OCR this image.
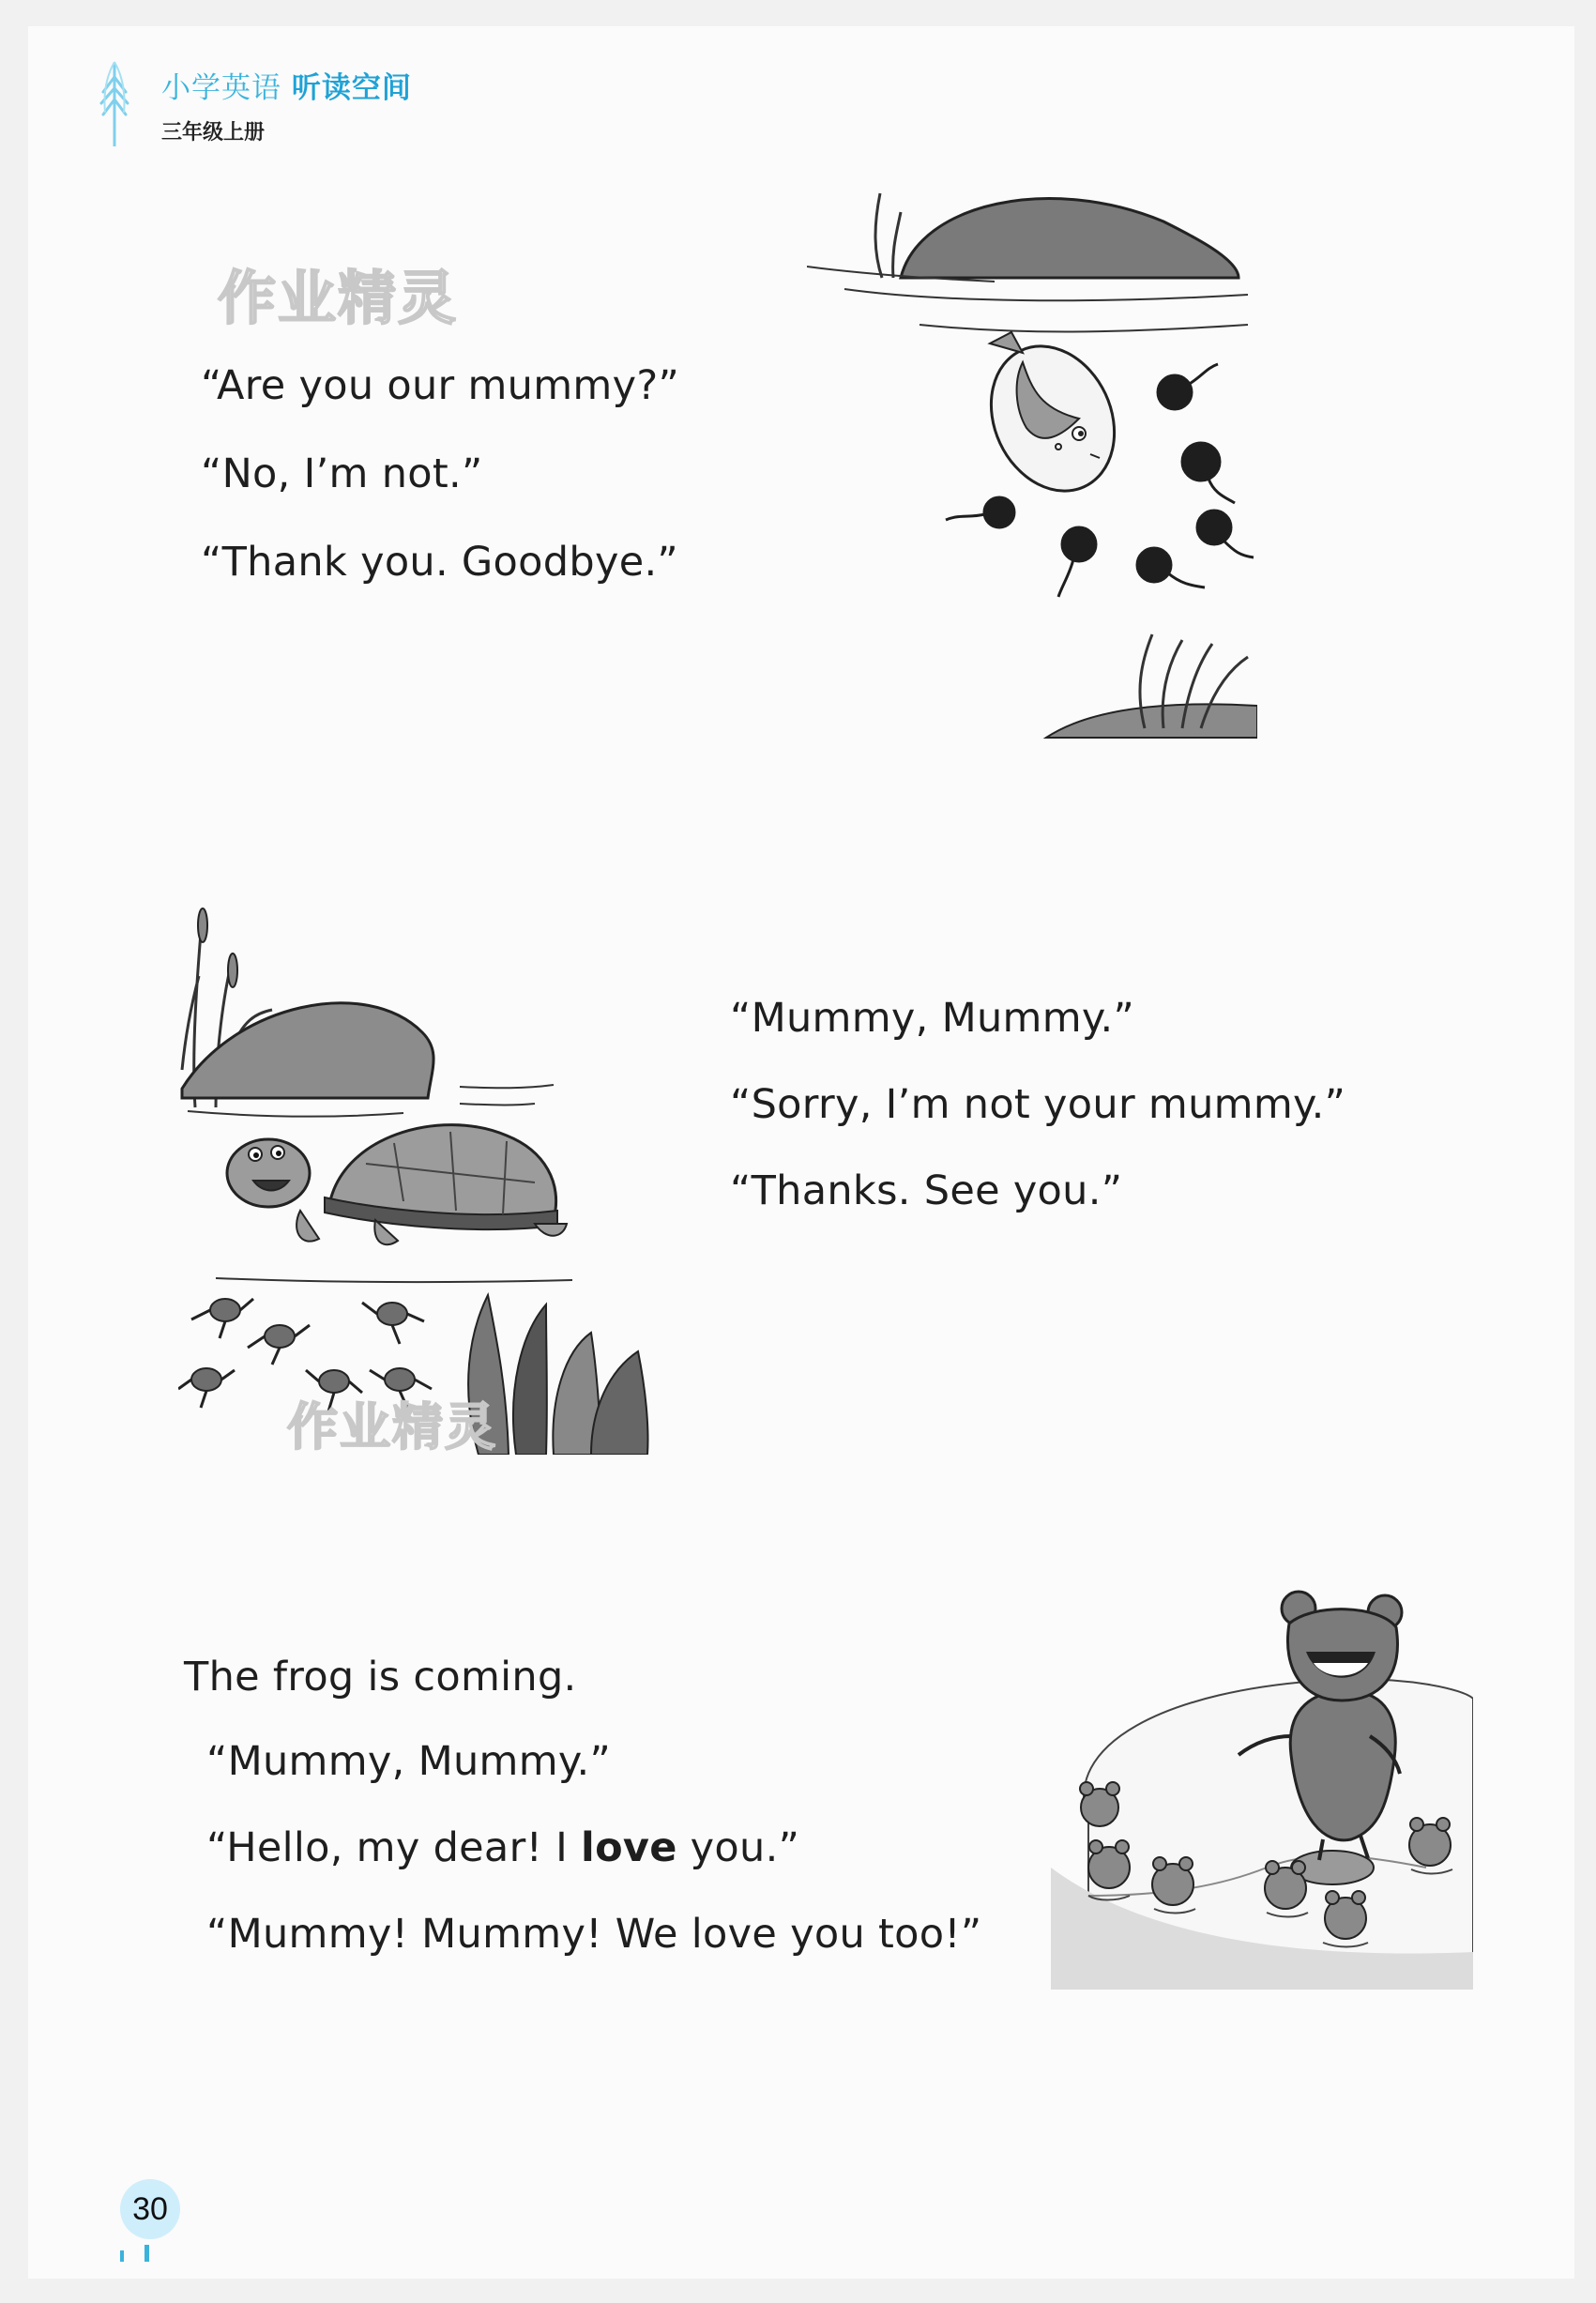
小学英语 听读空间
三年级上册
作业精灵
“Are you our mummy?”
“No, I’m not.”
“Thank you. Goodbye.”
作业精灵
“Mummy, Mummy.”
“Sorry, I’m not your mummy.”
“Thanks. See you.”
The frog is coming.
“Mummy, Mummy.”
“Hello, my dear! I love you.”
“Mummy! Mummy! We love you too!”
30
